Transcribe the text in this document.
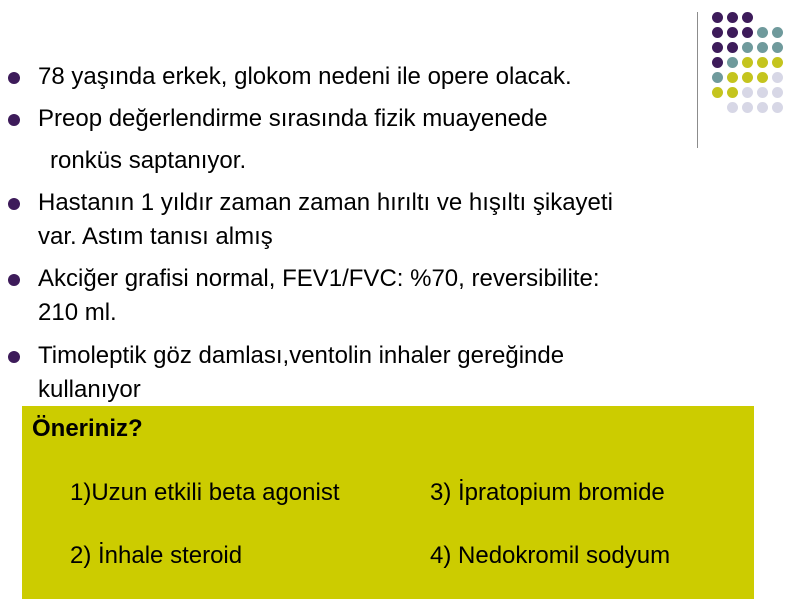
78 yaşında erkek, glokom nedeni ile opere olacak.
Preop değerlendirme sırasında fizik muayenede
ronküs saptanıyor.
Hastanın 1 yıldır zaman zaman hırıltı ve hışıltı şikayeti
var. Astım tanısı almış
Akciğer grafisi normal, FEV1/FVC: %70, reversibilite:
210 ml.
Timoleptik göz damlası,ventolin inhaler gereğinde
kullanıyor
Öneriniz?
1)Uzun etkili beta agonist	3) İpratopium bromide
2) İnhale steroid	4) Nedokromil sodyum
